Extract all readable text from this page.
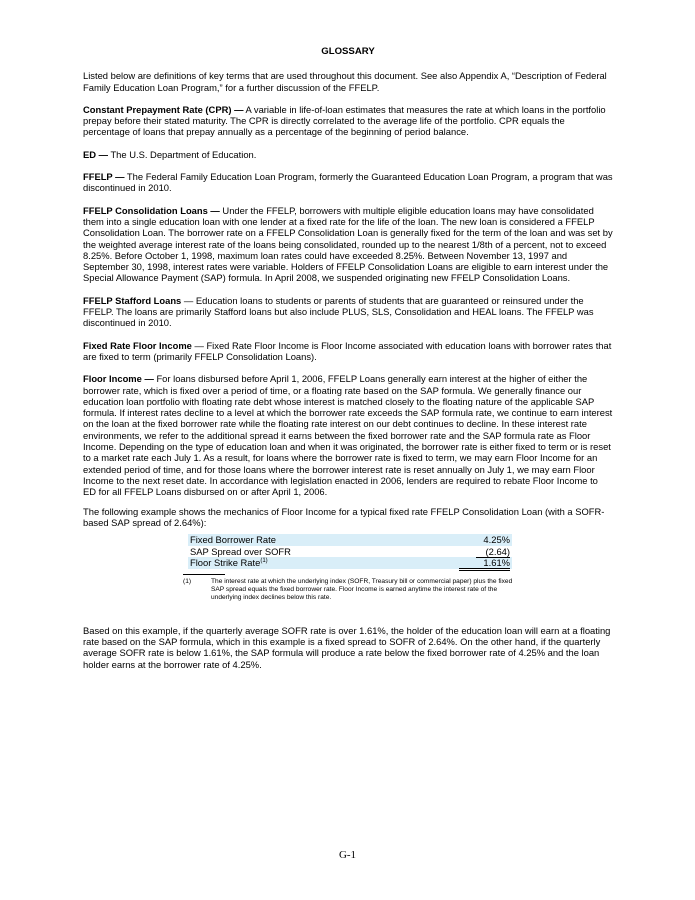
GLOSSARY

Listed below are definitions of key terms that are used throughout this document. See also Appendix A, “Description of Federal Family Education Loan Program,” for a further discussion of the FFELP.

Constant Prepayment Rate (CPR) — A variable in life-of-loan estimates that measures the rate at which loans in the portfolio prepay before their stated maturity. The CPR is directly correlated to the average life of the portfolio. CPR equals the percentage of loans that prepay annually as a percentage of the beginning of period balance.

ED — The U.S. Department of Education.

FFELP — The Federal Family Education Loan Program, formerly the Guaranteed Education Loan Program, a program that was discontinued in 2010.

FFELP Consolidation Loans — Under the FFELP, borrowers with multiple eligible education loans may have consolidated them into a single education loan with one lender at a fixed rate for the life of the loan. The new loan is considered a FFELP Consolidation Loan. The borrower rate on a FFELP Consolidation Loan is generally fixed for the term of the loan and was set by the weighted average interest rate of the loans being consolidated, rounded up to the nearest 1/8th of a percent, not to exceed 8.25%. Before October 1, 1998, maximum loan rates could have exceeded 8.25%. Between November 13, 1997 and September 30, 1998, interest rates were variable. Holders of FFELP Consolidation Loans are eligible to earn interest under the Special Allowance Payment (SAP) formula. In April 2008, we suspended originating new FFELP Consolidation Loans.

FFELP Stafford Loans — Education loans to students or parents of students that are guaranteed or reinsured under the FFELP. The loans are primarily Stafford loans but also include PLUS, SLS, Consolidation and HEAL loans. The FFELP was discontinued in 2010.

Fixed Rate Floor Income — Fixed Rate Floor Income is Floor Income associated with education loans with borrower rates that are fixed to term (primarily FFELP Consolidation Loans).

Floor Income — For loans disbursed before April 1, 2006, FFELP Loans generally earn interest at the higher of either the borrower rate, which is fixed over a period of time, or a floating rate based on the SAP formula. We generally finance our education loan portfolio with floating rate debt whose interest is matched closely to the floating nature of the applicable SAP formula. If interest rates decline to a level at which the borrower rate exceeds the SAP formula rate, we continue to earn interest on the loan at the fixed borrower rate while the floating rate interest on our debt continues to decline. In these interest rate environments, we refer to the additional spread it earns between the fixed borrower rate and the SAP formula rate as Floor Income. Depending on the type of education loan and when it was originated, the borrower rate is either fixed to term or is reset to a market rate each July 1. As a result, for loans where the borrower rate is fixed to term, we may earn Floor Income for an extended period of time, and for those loans where the borrower interest rate is reset annually on July 1, we may earn Floor Income to the next reset date. In accordance with legislation enacted in 2006, lenders are required to rebate Floor Income to ED for all FFELP Loans disbursed on or after April 1, 2006.

The following example shows the mechanics of Floor Income for a typical fixed rate FFELP Consolidation Loan (with a SOFR-based SAP spread of 2.64%):

Fixed Borrower Rate	4.25%
SAP Spread over SOFR	(2.64)
Floor Strike Rate$^{(1)}$	1.61%
(1)	The interest rate at which the underlying index (SOFR, Treasury bill or commercial paper) plus the fixed SAP spread equals the fixed borrower rate. Floor Income is earned anytime the interest rate of the underlying index declines below this rate.

Based on this example, if the quarterly average SOFR rate is over 1.61%, the holder of the education loan will earn at a floating rate based on the SAP formula, which in this example is a fixed spread to SOFR of 2.64%. On the other hand, if the quarterly average SOFR rate is below 1.61%, the SAP formula will produce a rate below the fixed borrower rate of 4.25% and the loan holder earns at the borrower rate of 4.25%.

G-1
